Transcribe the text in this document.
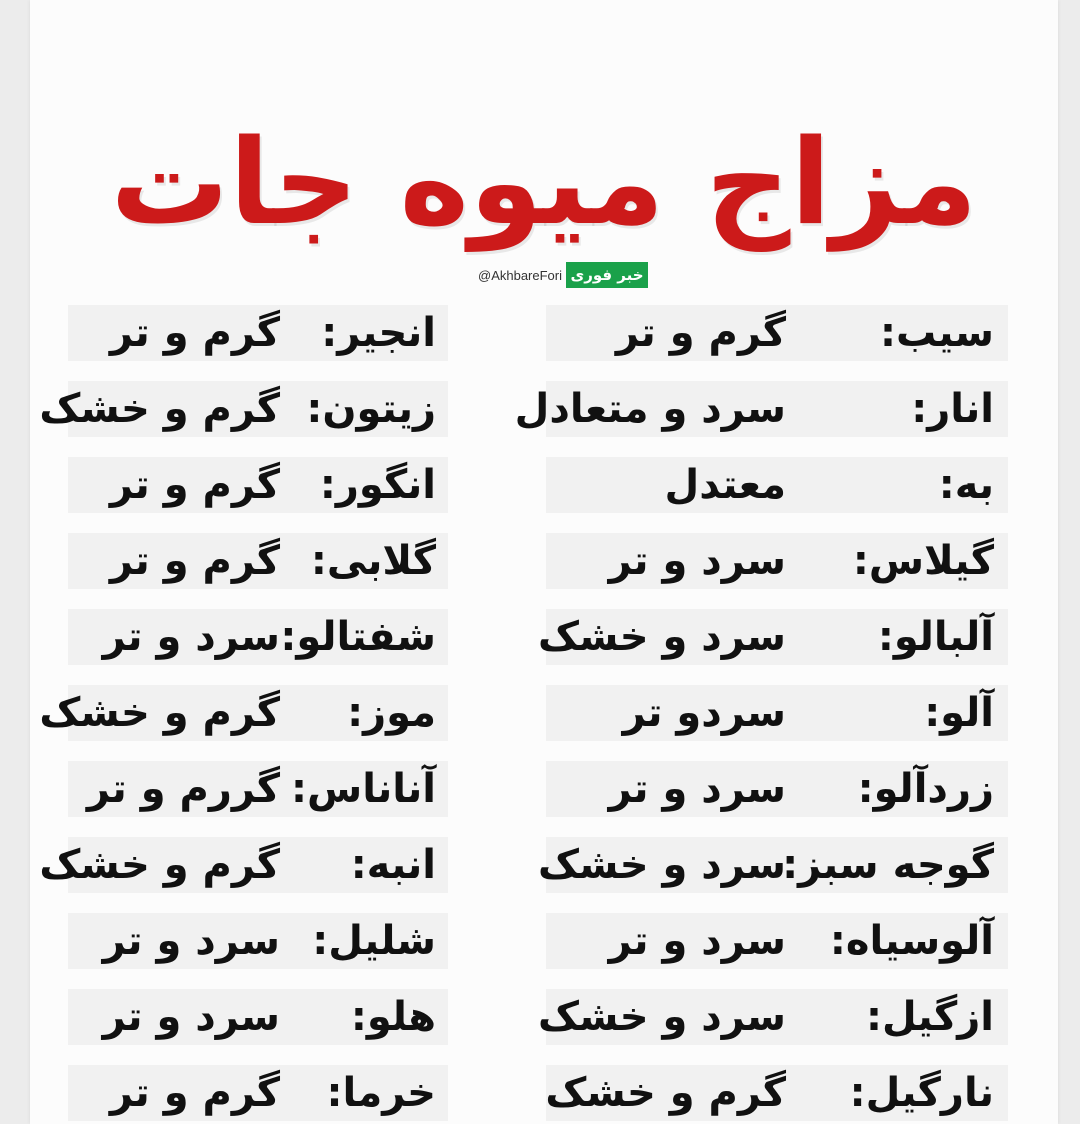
مزاج میوه جات
@AkhbareFori خبر فوری
سیب:
گرم و تر
انار:
سرد و متعادل
به:
معتدل
گیلاس:
سرد و تر
آلبالو:
سرد و خشک
آلو:
سردو تر
زردآلو:
سرد و تر
گوجه سبز:
سرد و خشک
آلوسیاه:
سرد و تر
ازگیل:
سرد و خشک
نارگیل:
گرم و خشک
انجیر:
گرم و تر
زیتون:
گرم و خشک
انگور:
گرم و تر
گلابی:
گرم و تر
شفتالو:
سرد و تر
موز:
گرم و خشک
آناناس:
گررم و تر
انبه:
گرم و خشک
شلیل:
سرد و تر
هلو:
سرد و تر
خرما:
گرم و تر
